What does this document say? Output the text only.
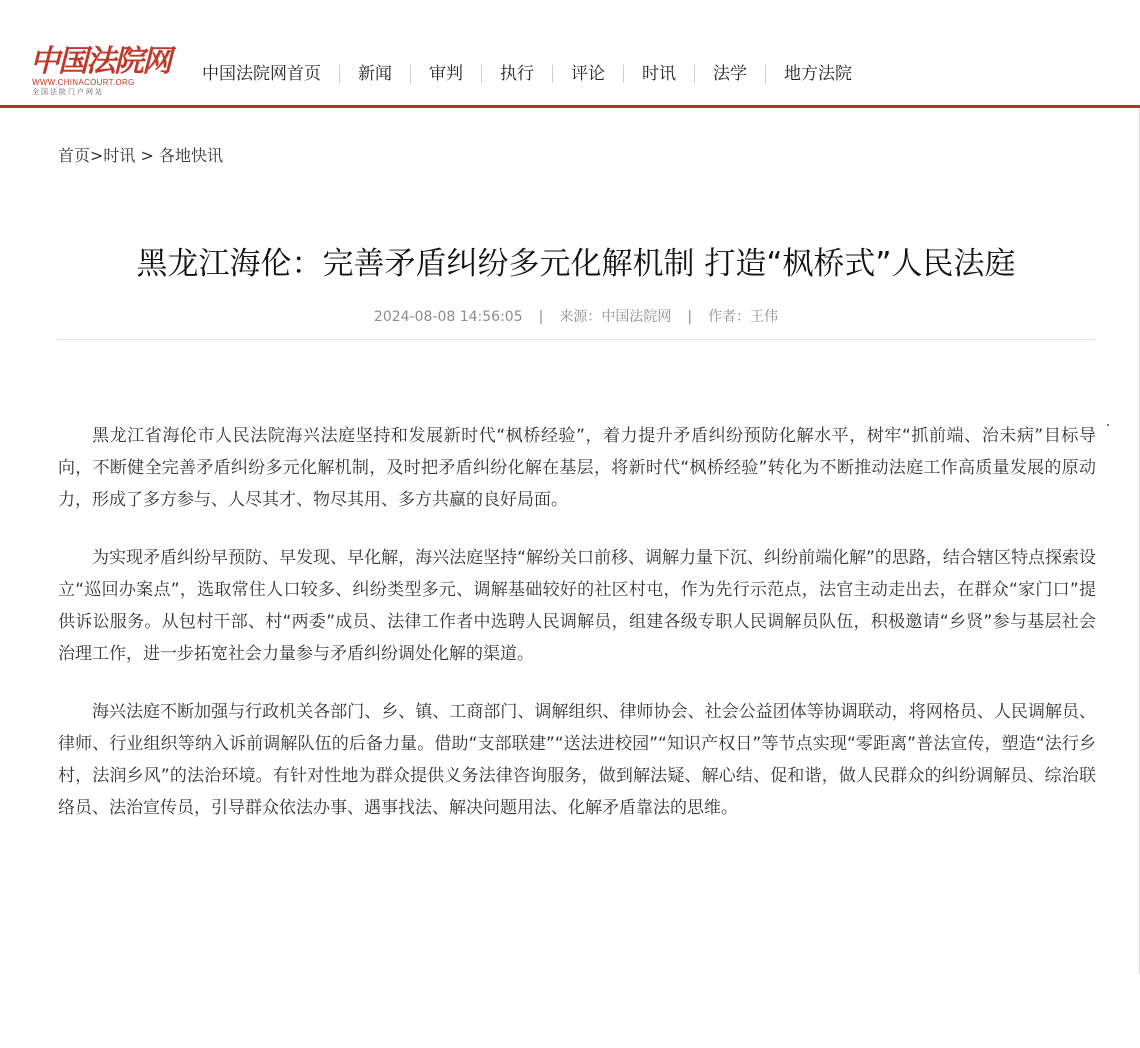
中国法院网
WWW.CHINACOURT.ORG
全国法院门户网站
中国法院网首页	新闻	审判	执行	评论	时讯	法学	地方法院
首页 > 时讯 > 各地快讯
黑龙江海伦：完善矛盾纠纷多元化解机制 打造“枫桥式”人民法庭
2024-08-08 14:56:05 | 来源：中国法院网 | 作者：王伟

黑龙江省海伦市人民法院海兴法庭坚持和发展新时代“枫桥经验”，着力提升矛盾纠纷预防化解水平，树牢“抓前端、治未病”目标导向，不断健全完善矛盾纠纷多元化解机制，及时把矛盾纠纷化解在基层，将新时代“枫桥经验”转化为不断推动法庭工作高质量发展的原动力，形成了多方参与、人尽其才、物尽其用、多方共赢的良好局面。

为实现矛盾纠纷早预防、早发现、早化解，海兴法庭坚持“解纷关口前移、调解力量下沉、纠纷前端化解”的思路，结合辖区特点探索设立“巡回办案点”，选取常住人口较多、纠纷类型多元、调解基础较好的社区村屯，作为先行示范点，法官主动走出去，在群众“家门口”提供诉讼服务。从包村干部、村“两委”成员、法律工作者中选聘人民调解员，组建各级专职人民调解员队伍，积极邀请“乡贤”参与基层社会治理工作，进一步拓宽社会力量参与矛盾纠纷调处化解的渠道。

海兴法庭不断加强与行政机关各部门、乡、镇、工商部门、调解组织、律师协会、社会公益团体等协调联动，将网格员、人民调解员、律师、行业组织等纳入诉前调解队伍的后备力量。借助“支部联建”“送法进校园”“知识产权日”等节点实现“零距离”普法宣传，塑造“法行乡村，法润乡风”的法治环境。有针对性地为群众提供义务法律咨询服务，做到解法疑、解心结、促和谐，做人民群众的纠纷调解员、综治联络员、法治宣传员，引导群众依法办事、遇事找法、解决问题用法、化解矛盾靠法的思维。
